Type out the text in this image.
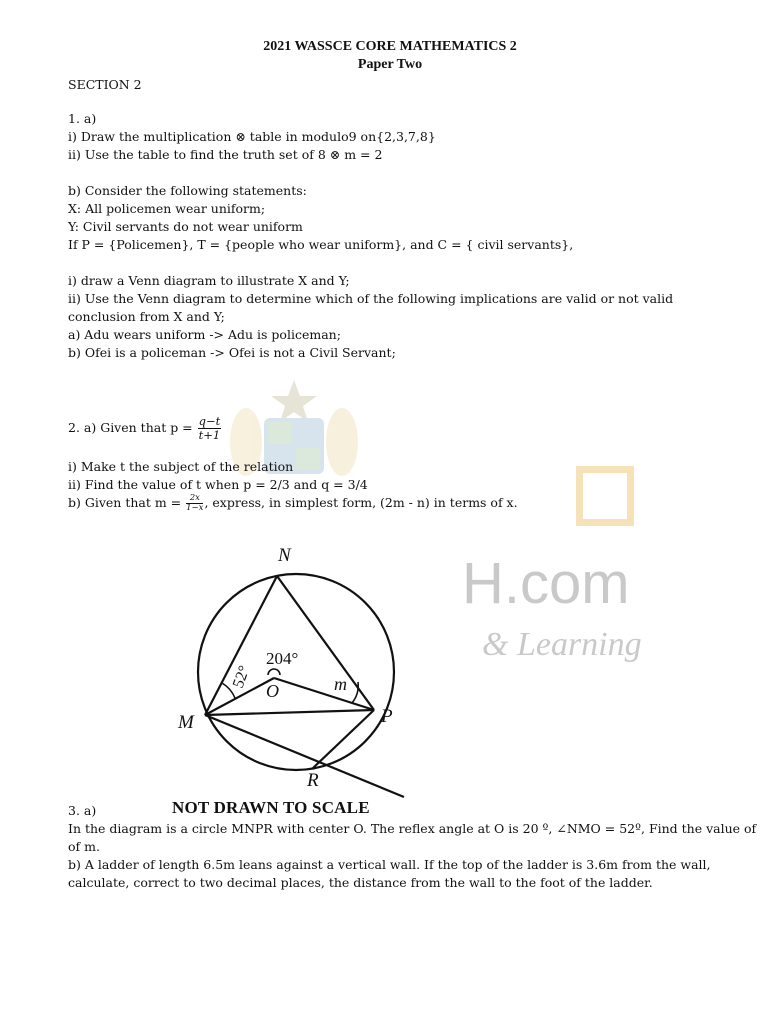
H.com
& Learning
2021 WASSCE CORE MATHEMATICS 2
Paper Two
SECTION 2
1. a)
i) Draw the multiplication ⊗ table in modulo9 on{2,3,7,8}
ii) Use the table to find the truth set of 8 ⊗ m = 2
b) Consider the following statements:
X: All policemen wear uniform;
Y: Civil servants do not wear uniform
If P = {Policemen}, T = {people who wear uniform}, and C = { civil servants},
i) draw a Venn diagram to illustrate X and Y;
ii) Use the Venn diagram to determine which of the following implications are valid or not valid
conclusion from X and Y;
a) Adu wears uniform -> Adu is policeman;
b) Ofei is a policeman -> Ofei is not a Civil Servant;
2. a) Given that $p = \frac{q-t}{t+1}$
i) Make t the subject of the relation
ii) Find the value of t when p = 2/3 and q = 3/4
b) Given that $m = \frac{2x}{1-x}$ , express, in simplest form, (2m - n) in terms of x.
N
M	P
R
O
204°
52°	m
NOT DRAWN TO SCALE
3. a)
In the diagram is a circle MNPR with center O. The reflex angle at O is 20 º, ∠NMO = 52º, Find the value of
of m.
b) A ladder of length 6.5m leans against a vertical wall. If the top of the ladder is 3.6m from the wall,
calculate, correct to two decimal places, the distance from the wall to the foot of the ladder.
